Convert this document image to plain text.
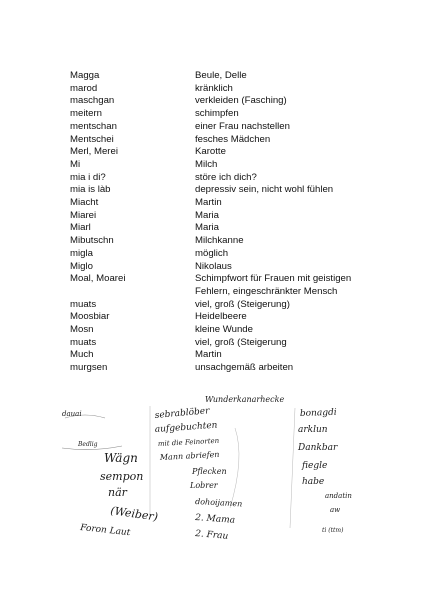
Magga	Beule, Delle
marod	kränklich
maschgan	verkleiden (Fasching)
meitern	schimpfen
mentschan	einer Frau nachstellen
Mentschei	fesches Mädchen
Merl, Merei	Karotte
Mi	Milch
mia i di?	störe ich dich?
mia is làb	depressiv sein, nicht wohl fühlen
Miacht	Martin
Miarei	Maria
Miarl	Maria
Mibutschn	Milchkanne
migla	möglich
Miglo	Nikolaus
Moal, Moarei	Schimpfwort für Frauen mit geistigen Fehlern, eingeschränkter Mensch
muats	viel, groß (Steigerung)
Moosbiar	Heidelbeere
Mosn	kleine Wunde
muats	viel, groß (Steigerung
Much	Martin
murgsen	unsachgemäß arbeiten
Wunderkanarhecke
sebrablöber
aufgebuchten
mit die Feinorten
Mann abriefen
Pflecken
Lobrer
dohoijamen
2. Mama
2. Frau
dauai
Bedlig
Wägn
sempon
när
(Weiber)
Foron Laut
bonagdi
arklun
Dankbar
fiegle
habe
andatin
aw
ti (ttm)
